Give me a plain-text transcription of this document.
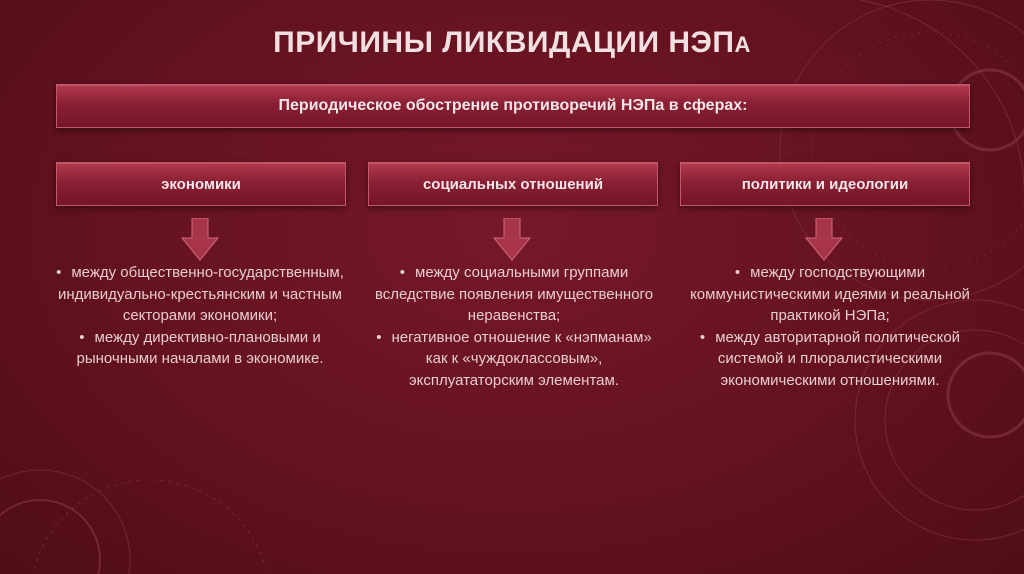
ПРИЧИНЫ ЛИКВИДАЦИИ НЭПА
Периодическое обострение противоречий НЭПа в сферах:
экономики	социальных отношений	политики и идеологии
• между общественно-государственным, индивидуально-крестьянским и частным секторами экономики;
• между директивно-плановыми и рыночными началами в экономике.
• между социальными группами вследствие появления имущественного неравенства;
• негативное отношение к «нэпманам» как к «чуждоклассовым», эксплуататорским элементам.
• между господствующими коммунистическими идеями и реальной практикой НЭПа;
• между авторитарной политической системой и плюралистическими экономическими отношениями.
